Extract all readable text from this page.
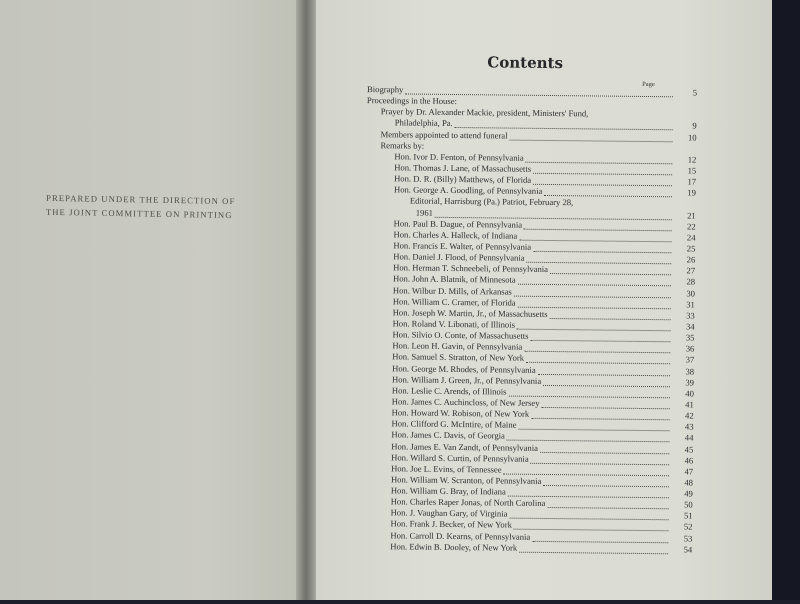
PREPARED UNDER THE DIRECTION OF
THE JOINT COMMITTEE ON PRINTING
Contents
Page
Biography	5
Proceedings in the House:
Prayer by Dr. Alexander Mackie, president, Ministers' Fund,
Philadelphia, Pa.	9
Members appointed to attend funeral	10
Remarks by:
Hon. Ivor D. Fenton, of Pennsylvania	12
Hon. Thomas J. Lane, of Massachusetts	15
Hon. D. R. (Billy) Matthews, of Florida	17
Hon. George A. Goodling, of Pennsylvania	19
Editorial, Harrisburg (Pa.) Patriot, February 28,
1961	21
Hon. Paul B. Dague, of Pennsylvania	22
Hon. Charles A. Halleck, of Indiana	24
Hon. Francis E. Walter, of Pennsylvania	25
Hon. Daniel J. Flood, of Pennsylvania	26
Hon. Herman T. Schneebeli, of Pennsylvania	27
Hon. John A. Blatnik, of Minnesota	28
Hon. Wilbur D. Mills, of Arkansas	30
Hon. William C. Cramer, of Florida	31
Hon. Joseph W. Martin, Jr., of Massachusetts	33
Hon. Roland V. Libonati, of Illinois	34
Hon. Silvio O. Conte, of Massachusetts	35
Hon. Leon H. Gavin, of Pennsylvania	36
Hon. Samuel S. Stratton, of New York	37
Hon. George M. Rhodes, of Pennsylvania	38
Hon. William J. Green, Jr., of Pennsylvania	39
Hon. Leslie C. Arends, of Illinois	40
Hon. James C. Auchincloss, of New Jersey	41
Hon. Howard W. Robison, of New York	42
Hon. Clifford G. McIntire, of Maine	43
Hon. James C. Davis, of Georgia	44
Hon. James E. Van Zandt, of Pennsylvania	45
Hon. Willard S. Curtin, of Pennsylvania	46
Hon. Joe L. Evins, of Tennessee	47
Hon. William W. Scranton, of Pennsylvania	48
Hon. William G. Bray, of Indiana	49
Hon. Charles Raper Jonas, of North Carolina	50
Hon. J. Vaughan Gary, of Virginia	51
Hon. Frank J. Becker, of New York	52
Hon. Carroll D. Kearns, of Pennsylvania	53
Hon. Edwin B. Dooley, of New York	54
